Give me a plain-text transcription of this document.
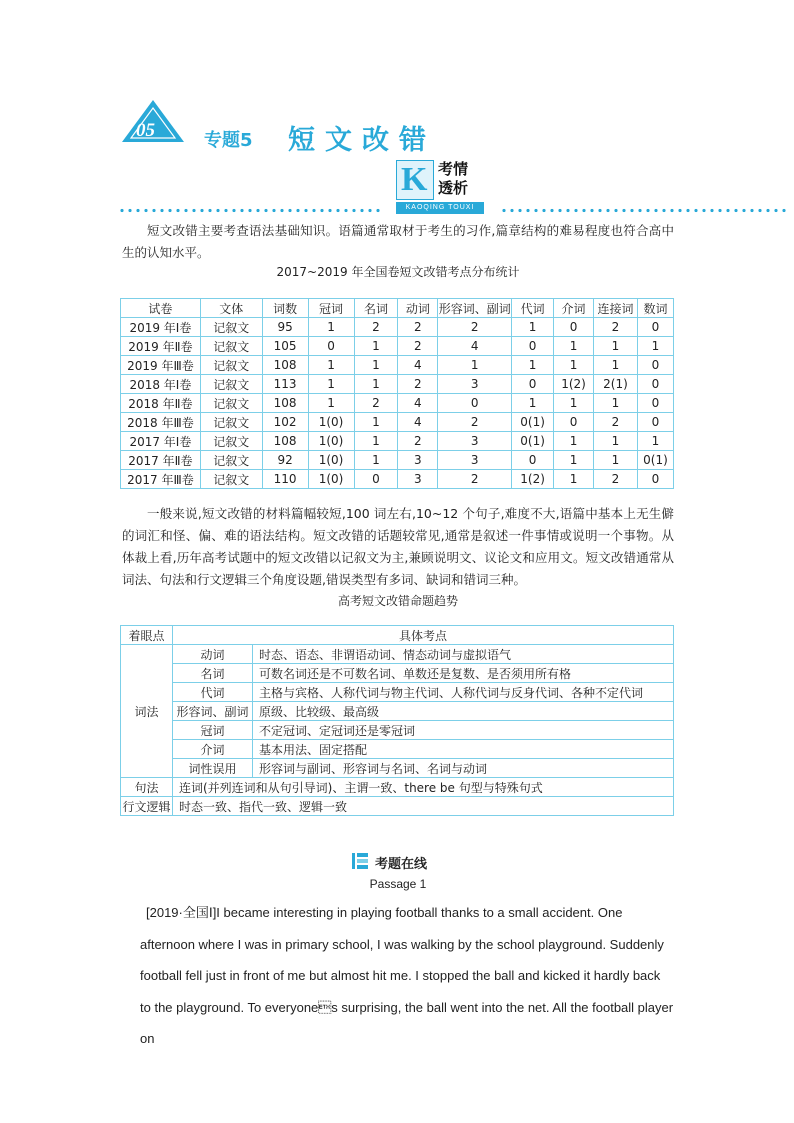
05	专题5 短文改错
K 考情
透析
KAOQING TOUXI
短文改错主要考查语法基础知识。语篇通常取材于考生的习作,篇章结构的难易程度也符合高中生的认知水平。
2017~2019 年全国卷短文改错考点分布统计
试卷	文体	词数	冠词	名词	动词	形容词、副词	代词	介词	连接词	数词
2019 年Ⅰ卷	记叙文	95	1	2	2	2	1	0	2	0
2019 年Ⅱ卷	记叙文	105	0	1	2	4	0	1	1	1
2019 年Ⅲ卷	记叙文	108	1	1	4	1	1	1	1	0
2018 年Ⅰ卷	记叙文	113	1	1	2	3	0	1(2)	2(1)	0
2018 年Ⅱ卷	记叙文	108	1	2	4	0	1	1	1	0
2018 年Ⅲ卷	记叙文	102	1(0)	1	4	2	0(1)	0	2	0
2017 年Ⅰ卷	记叙文	108	1(0)	1	2	3	0(1)	1	1	1
2017 年Ⅱ卷	记叙文	92	1(0)	1	3	3	0	1	1	0(1)
2017 年Ⅲ卷	记叙文	110	1(0)	0	3	2	1(2)	1	2	0
一般来说,短文改错的材料篇幅较短,100 词左右,10~12 个句子,难度不大,语篇中基本上无生僻的词汇和怪、偏、难的语法结构。短文改错的话题较常见,通常是叙述一件事情或说明一个事物。从体裁上看,历年高考试题中的短文改错以记叙文为主,兼顾说明文、议论文和应用文。短文改错通常从词法、句法和行文逻辑三个角度设题,错误类型有多词、缺词和错词三种。
高考短文改错命题趋势
着眼点	具体考点	
词法	动词	时态、语态、非谓语动词、情态动词与虚拟语气
	名词	可数名词还是不可数名词、单数还是复数、是否须用所有格
	代词	主格与宾格、人称代词与物主代词、人称代词与反身代词、各种不定代词
	形容词、副词	原级、比较级、最高级
	冠词	不定冠词、定冠词还是零冠词
	介词	基本用法、固定搭配
	词性误用	形容词与副词、形容词与名词、名词与动词
句法	连词(并列连词和从句引导词)、主谓一致、there be 句型与特殊句式	
行文逻辑	时态一致、指代一致、逻辑一致	
考题在线
Passage 1
[2019·全国Ⅰ]I became interesting in playing football thanks to a small accident. One afternoon where I was in primary school, I was walking by the school playground. Suddenly football fell just in front of me but almost hit me. I stopped the ball and kicked it hardly back to the playground. To everyones surprising, the ball went into the net. All the football player on
